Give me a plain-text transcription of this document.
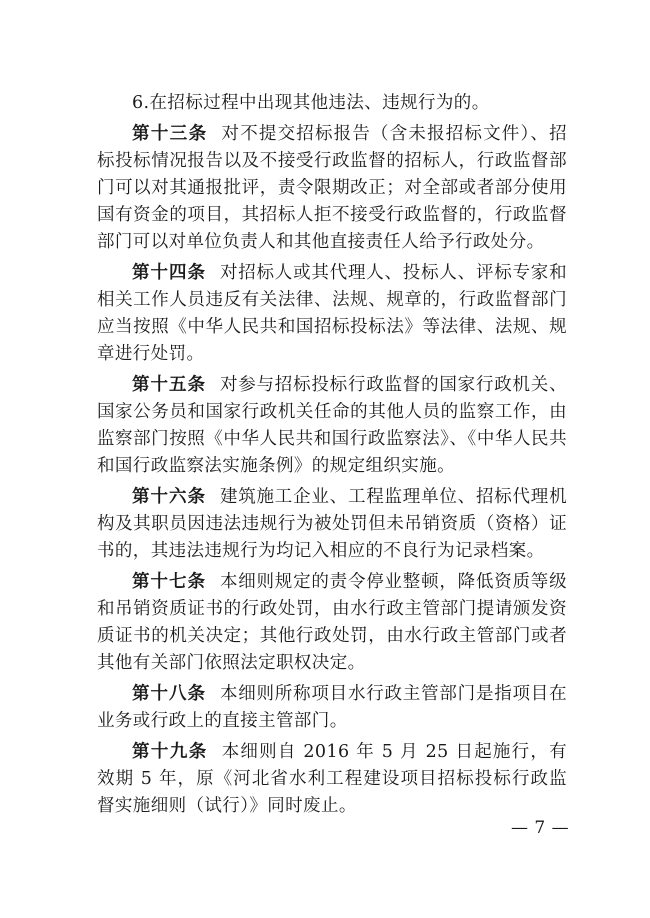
6.在招标过程中出现其他违法、违规行为的。

第十三条 对不提交招标报告（含未报招标文件）、招标投标情况报告以及不接受行政监督的招标人，行政监督部门可以对其通报批评，责令限期改正；对全部或者部分使用国有资金的项目，其招标人拒不接受行政监督的，行政监督部门可以对单位负责人和其他直接责任人给予行政处分。

第十四条 对招标人或其代理人、投标人、评标专家和相关工作人员违反有关法律、法规、规章的，行政监督部门应当按照《中华人民共和国招标投标法》等法律、法规、规章进行处罚。

第十五条 对参与招标投标行政监督的国家行政机关、国家公务员和国家行政机关任命的其他人员的监察工作，由监察部门按照《中华人民共和国行政监察法》、《中华人民共和国行政监察法实施条例》的规定组织实施。

第十六条 建筑施工企业、工程监理单位、招标代理机构及其职员因违法违规行为被处罚但未吊销资质（资格）证书的，其违法违规行为均记入相应的不良行为记录档案。

第十七条 本细则规定的责令停业整顿，降低资质等级和吊销资质证书的行政处罚，由水行政主管部门提请颁发资质证书的机关决定；其他行政处罚，由水行政主管部门或者其他有关部门依照法定职权决定。

第十八条 本细则所称项目水行政主管部门是指项目在业务或行政上的直接主管部门。

第十九条 本细则自 2016 年 5 月 25 日起施行，有效期 5 年，原《河北省水利工程建设项目招标投标行政监督实施细则（试行）》同时废止。

— 7 —
